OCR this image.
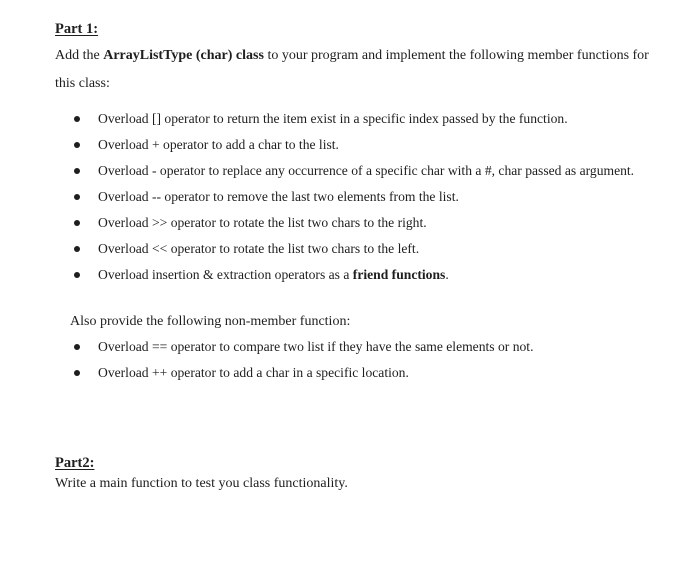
Part 1:
Add the ArrayListType (char) class to your program and implement the following member functions for this class:
Overload [] operator to return the item exist in a specific index passed by the function.
Overload + operator to add a char to the list.
Overload - operator to replace any occurrence of a specific char with a #, char passed as argument.
Overload -- operator to remove the last two elements from the list.
Overload >> operator to rotate the list two chars to the right.
Overload << operator to rotate the list two chars to the left.
Overload insertion & extraction operators as a friend functions.
Also provide the following non-member function:
Overload == operator to compare two list if they have the same elements or not.
Overload ++ operator to add a char in a specific location.
Part2:
Write a main function to test you class functionality.
